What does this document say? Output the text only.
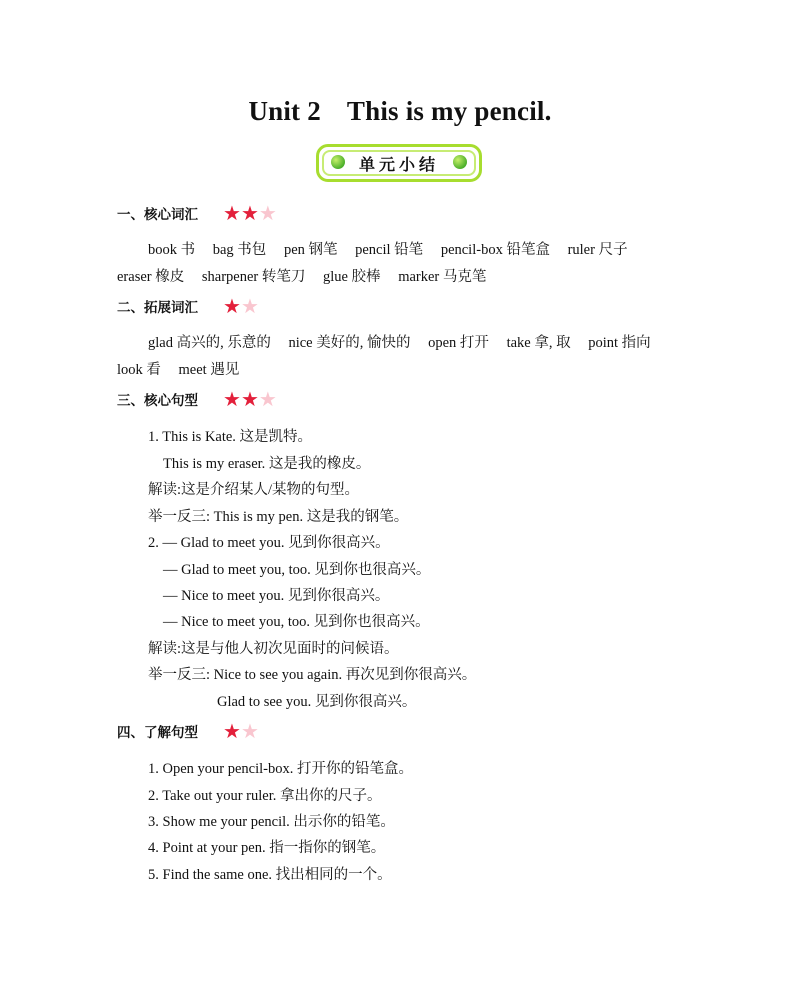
Unit 2 This is my pencil.
单元小结
一、核心词汇 ★★★
book 书 bag 书包 pen 钢笔 pencil 铅笔 pencil-box 铅笔盒 ruler 尺子
eraser 橡皮 sharpener 转笔刀 glue 胶棒 marker 马克笔
二、拓展词汇 ★★
glad 高兴的, 乐意的 nice 美好的, 愉快的 open 打开 take 拿, 取 point 指向
look 看 meet 遇见
三、核心句型 ★★★
1. This is Kate. 这是凯特。
This is my eraser. 这是我的橡皮。
解读:这是介绍某人/某物的句型。
举一反三: This is my pen. 这是我的钢笔。
2. — Glad to meet you. 见到你很高兴。
— Glad to meet you, too. 见到你也很高兴。
— Nice to meet you. 见到你很高兴。
— Nice to meet you, too. 见到你也很高兴。
解读:这是与他人初次见面时的问候语。
举一反三: Nice to see you again. 再次见到你很高兴。
Glad to see you. 见到你很高兴。
四、了解句型 ★★
1. Open your pencil-box. 打开你的铅笔盒。
2. Take out your ruler. 拿出你的尺子。
3. Show me your pencil. 出示你的铅笔。
4. Point at your pen. 指一指你的钢笔。
5. Find the same one. 找出相同的一个。
